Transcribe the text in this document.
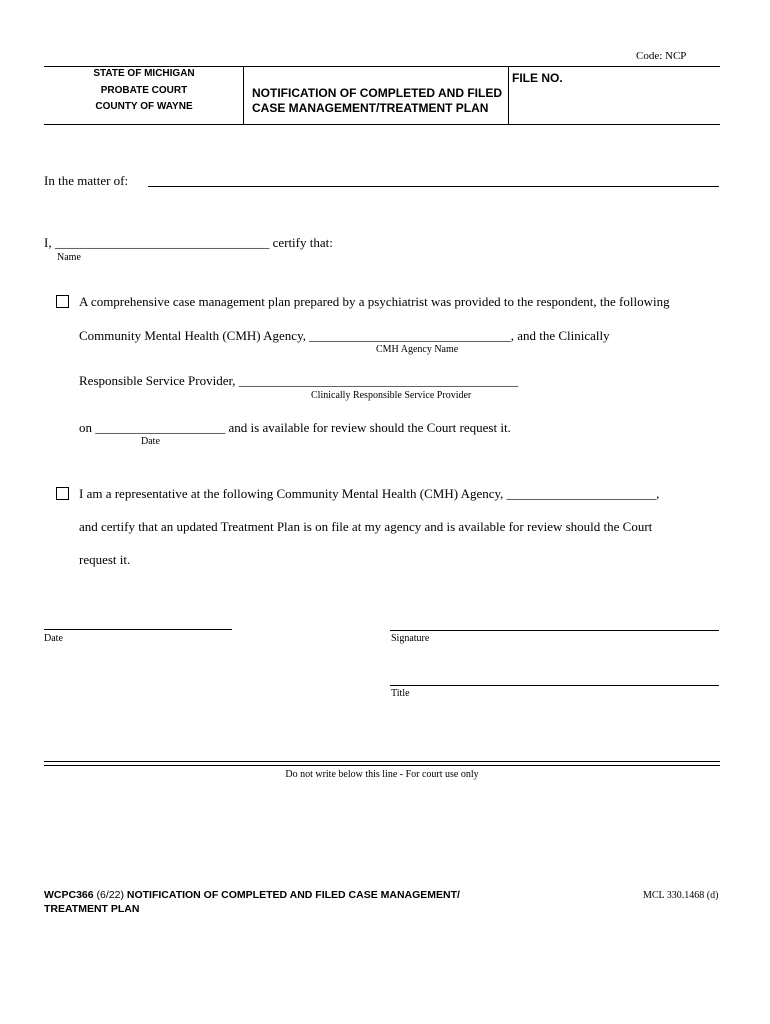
Code: NCP
STATE OF MICHIGAN
PROBATE COURT
COUNTY OF WAYNE
NOTIFICATION OF COMPLETED AND FILED
CASE MANAGEMENT/TREATMENT PLAN
FILE NO.
In the matter of:
I, _________________________________ certify that:
Name
A comprehensive case management plan prepared by a psychiatrist was provided to the respondent, the following
Community Mental Health (CMH) Agency, _______________________________, and the Clinically
CMH Agency Name
Responsible Service Provider, ___________________________________________
Clinically Responsible Service Provider
on ____________________ and is available for review should the Court request it.
Date
I am a representative at the following Community Mental Health (CMH) Agency, _______________________,
and certify that an updated Treatment Plan is on file at my agency and is available for review should the Court
request it.
Date	Signature
Title
Do not write below this line - For court use only
WCPC366 (6/22) NOTIFICATION OF COMPLETED AND FILED CASE MANAGEMENT/
TREATMENT PLAN
MCL 330.1468 (d)
